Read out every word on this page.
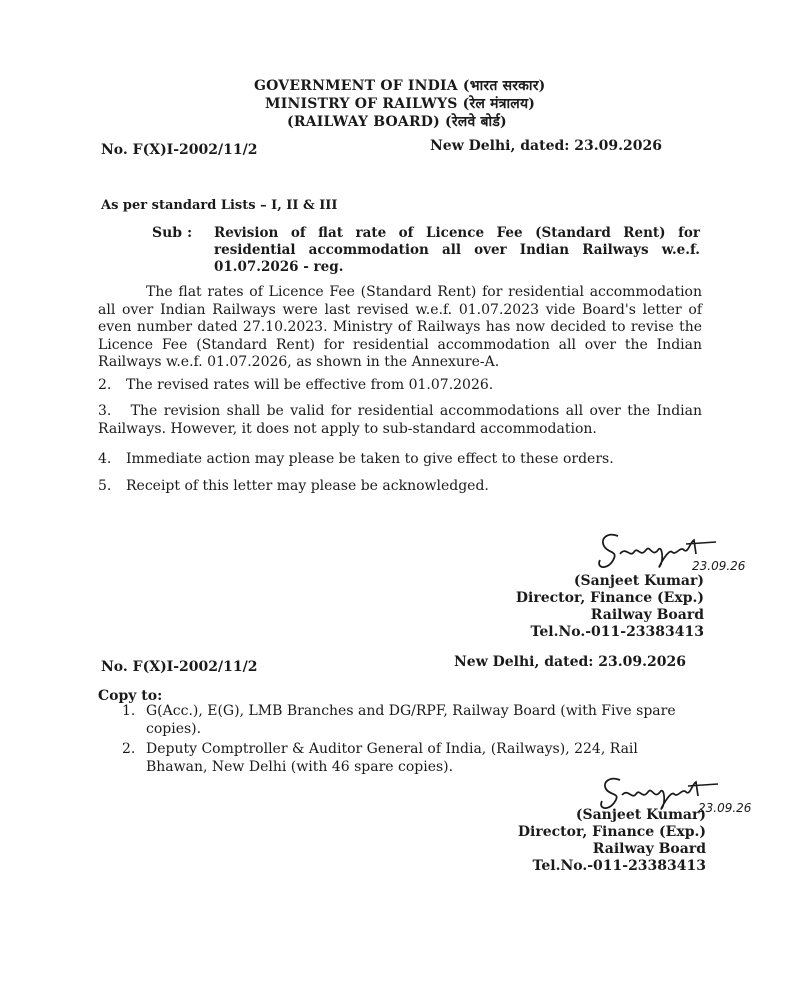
GOVERNMENT OF INDIA (भारत सरकार)
MINISTRY OF RAILWYS (रेल मंत्रालय)
(RAILWAY BOARD) (रेलवे बोर्ड)
No. F(X)I-2002/11/2	New Delhi, dated: 23.09.2026
As per standard Lists – I, II & III
Sub : Revision of flat rate of Licence Fee (Standard Rent) for residential accommodation all over Indian Railways w.e.f. 01.07.2026 - reg.
The flat rates of Licence Fee (Standard Rent) for residential accommodation all over Indian Railways were last revised w.e.f. 01.07.2023 vide Board's letter of even number dated 27.10.2023. Ministry of Railways has now decided to revise the Licence Fee (Standard Rent) for residential accommodation all over the Indian Railways w.e.f. 01.07.2026, as shown in the Annexure-A.
2. The revised rates will be effective from 01.07.2026.
3. The revision shall be valid for residential accommodations all over the Indian Railways. However, it does not apply to sub-standard accommodation.
4. Immediate action may please be taken to give effect to these orders.
5. Receipt of this letter may please be acknowledged.
23.09.26
(Sanjeet Kumar)
Director, Finance (Exp.)
Railway Board
Tel.No.-011-23383413
No. F(X)I-2002/11/2	New Delhi, dated: 23.09.2026
Copy to:
1. G(Acc.), E(G), LMB Branches and DG/RPF, Railway Board (with Five spare copies).
2. Deputy Comptroller & Auditor General of India, (Railways), 224, Rail Bhawan, New Delhi (with 46 spare copies).
23.09.26
(Sanjeet Kumar)
Director, Finance (Exp.)
Railway Board
Tel.No.-011-23383413
